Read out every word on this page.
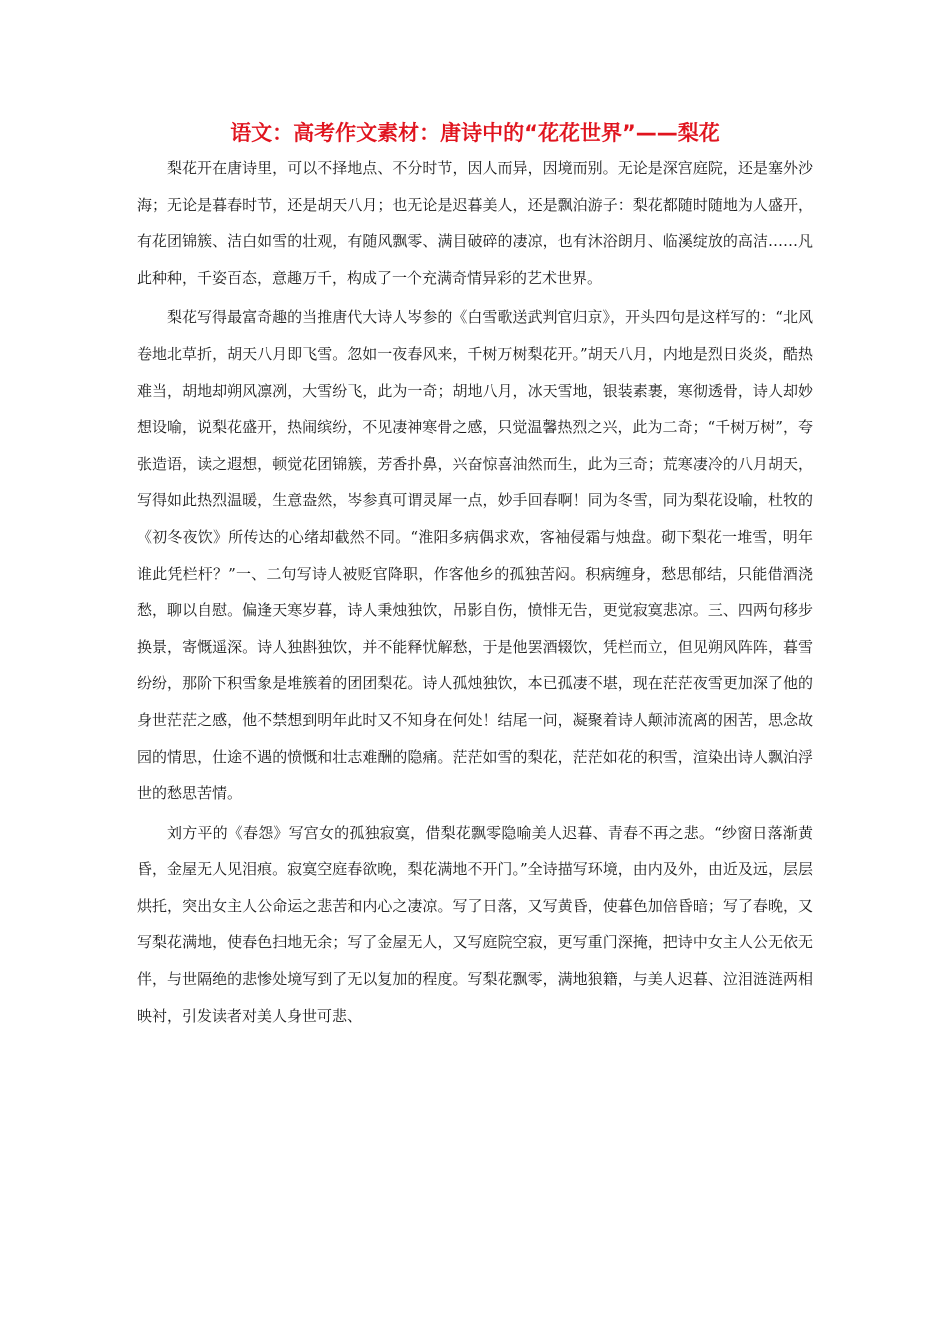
语文：高考作文素材：唐诗中的“花花世界”——梨花

梨花开在唐诗里，可以不择地点、不分时节，因人而异，因境而别。无论是深宫庭院，还是塞外沙海；无论是暮春时节，还是胡天八月；也无论是迟暮美人，还是飘泊游子：梨花都随时随地为人盛开，有花团锦簇、洁白如雪的壮观，有随风飘零、满目破碎的凄凉，也有沐浴朗月、临溪绽放的高洁……凡此种种，千姿百态，意趣万千，构成了一个充满奇情异彩的艺术世界。

梨花写得最富奇趣的当推唐代大诗人岑参的《白雪歌送武判官归京》，开头四句是这样写的：“北风卷地北草折，胡天八月即飞雪。忽如一夜春风来，千树万树梨花开。”胡天八月，内地是烈日炎炎，酷热难当，胡地却朔风凛冽，大雪纷飞，此为一奇；胡地八月，冰天雪地，银装素裹，寒彻透骨，诗人却妙想设喻，说梨花盛开，热闹缤纷，不见凄神寒骨之感，只觉温馨热烈之兴，此为二奇；“千树万树”，夸张造语，读之遐想，顿觉花团锦簇，芳香扑鼻，兴奋惊喜油然而生，此为三奇；荒寒凄冷的八月胡天，写得如此热烈温暖，生意盎然，岑参真可谓灵犀一点，妙手回春啊！同为冬雪，同为梨花设喻，杜牧的《初冬夜饮》所传达的心绪却截然不同。“淮阳多病偶求欢，客袖侵霜与烛盘。砌下梨花一堆雪，明年谁此凭栏杆？”一、二句写诗人被贬官降职，作客他乡的孤独苦闷。积病缠身，愁思郁结，只能借酒浇愁，聊以自慰。偏逢天寒岁暮，诗人秉烛独饮，吊影自伤，愤悱无告，更觉寂寞悲凉。三、四两句移步换景，寄慨遥深。诗人独斟独饮，并不能释忧解愁，于是他罢酒辍饮，凭栏而立，但见朔风阵阵，暮雪纷纷，那阶下积雪象是堆簇着的团团梨花。诗人孤烛独饮，本已孤凄不堪，现在茫茫夜雪更加深了他的身世茫茫之感，他不禁想到明年此时又不知身在何处！结尾一问，凝聚着诗人颠沛流离的困苦，思念故园的情思，仕途不遇的愤慨和壮志难酬的隐痛。茫茫如雪的梨花，茫茫如花的积雪，渲染出诗人飘泊浮世的愁思苦情。

刘方平的《春怨》写宫女的孤独寂寞，借梨花飘零隐喻美人迟暮、青春不再之悲。“纱窗日落渐黄昏，金屋无人见泪痕。寂寞空庭春欲晚，梨花满地不开门。”全诗描写环境，由内及外，由近及远，层层烘托，突出女主人公命运之悲苦和内心之凄凉。写了日落，又写黄昏，使暮色加倍昏暗；写了春晚，又写梨花满地，使春色扫地无余；写了金屋无人，又写庭院空寂，更写重门深掩，把诗中女主人公无依无伴，与世隔绝的悲惨处境写到了无以复加的程度。写梨花飘零，满地狼籍，与美人迟暮、泣泪涟涟两相映衬，引发读者对美人身世可悲、
